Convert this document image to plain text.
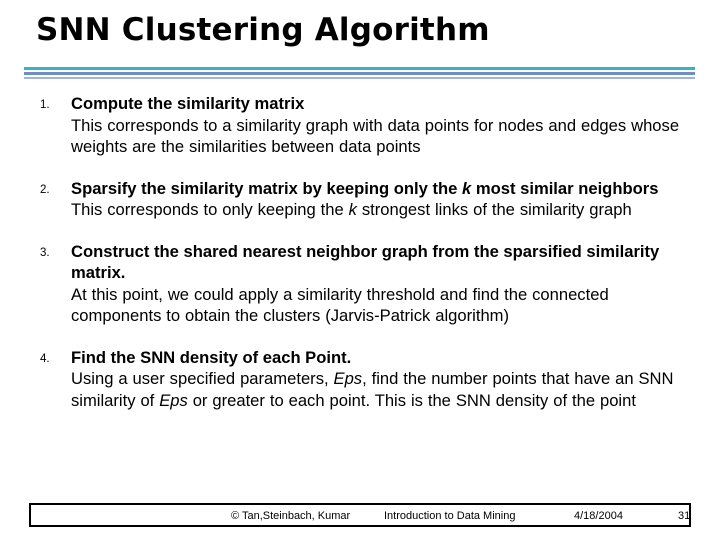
SNN Clustering Algorithm
1. Compute the similarity matrix
This corresponds to a similarity graph with data points for nodes and edges whose weights are the similarities between data points
2. Sparsify the similarity matrix by keeping only the k most similar neighbors
This corresponds to only keeping the k strongest links of the similarity graph
3. Construct the shared nearest neighbor graph from the sparsified similarity matrix.
At this point, we could apply a similarity threshold and find the connected components to obtain the clusters (Jarvis-Patrick algorithm)
4. Find the SNN density of each Point.
Using a user specified parameters, Eps, find the number points that have an SNN similarity of Eps or greater to each point. This is the SNN density of the point
© Tan,Steinbach, Kumar	Introduction to Data Mining	4/18/2004	31
